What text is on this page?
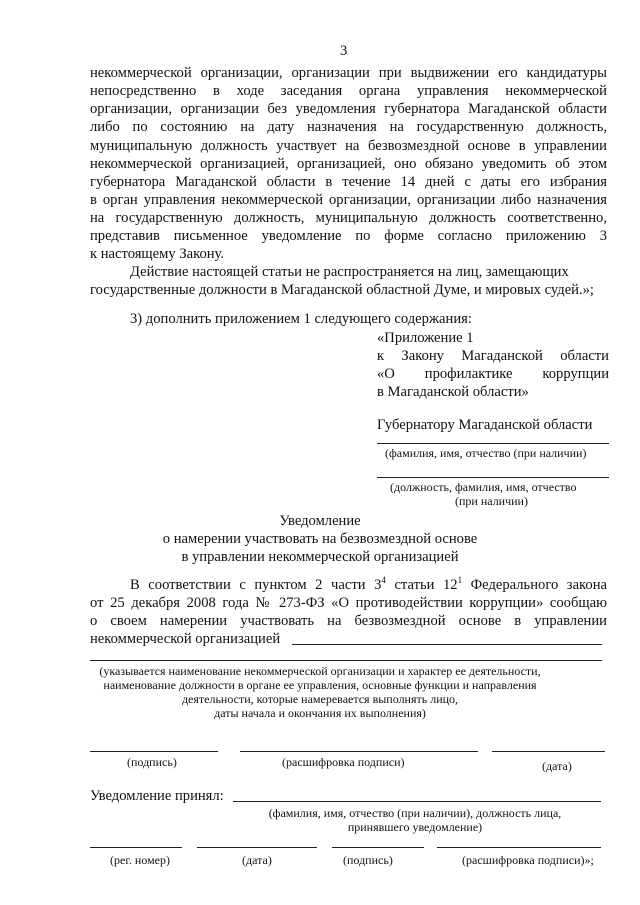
3
некоммерческой организации, организации при выдвижении его кандидатуры
непосредственно в ходе заседания органа управления некоммерческой
организации, организации без уведомления губернатора Магаданской области
либо по состоянию на дату назначения на государственную должность,
муниципальную должность участвует на безвозмездной основе в управлении
некоммерческой организацией, организацией, оно обязано уведомить об этом
губернатора Магаданской области в течение 14 дней с даты его избрания
в орган управления некоммерческой организации, организации либо назначения
на государственную должность, муниципальную должность соответственно,
представив письменное уведомление по форме согласно приложению 3
к настоящему Закону.
Действие настоящей статьи не распространяется на лиц, замещающих
государственные должности в Магаданской областной Думе, и мировых судей.»;
3) дополнить приложением 1 следующего содержания:
«Приложение 1
к Закону Магаданской области
«О профилактике коррупции
в Магаданской области»
Губернатору Магаданской области
(фамилия, имя, отчество (при наличии)
(должность, фамилия, имя, отчество
(при наличии)
Уведомление
о намерении участвовать на безвозмездной основе
в управлении некоммерческой организацией
В соответствии с пунктом 2 части $3^4$ статьи $12^1$ Федерального закона
от 25 декабря 2008 года № 273-ФЗ «О противодействии коррупции» сообщаю
о своем намерении участвовать на безвозмездной основе в управлении
некоммерческой организацией
(указывается наименование некоммерческой организации и характер ее деятельности,
наименование должности в органе ее управления, основные функции и направления
деятельности, которые намеревается выполнять лицо,
даты начала и окончания их выполнения)
(подпись)	(расшифровка подписи)	(дата)
Уведомление принял:
(фамилия, имя, отчество (при наличии), должность лица,
принявшего уведомление)
(рег. номер)	(дата)	(подпись)	(расшифровка подписи)»;
